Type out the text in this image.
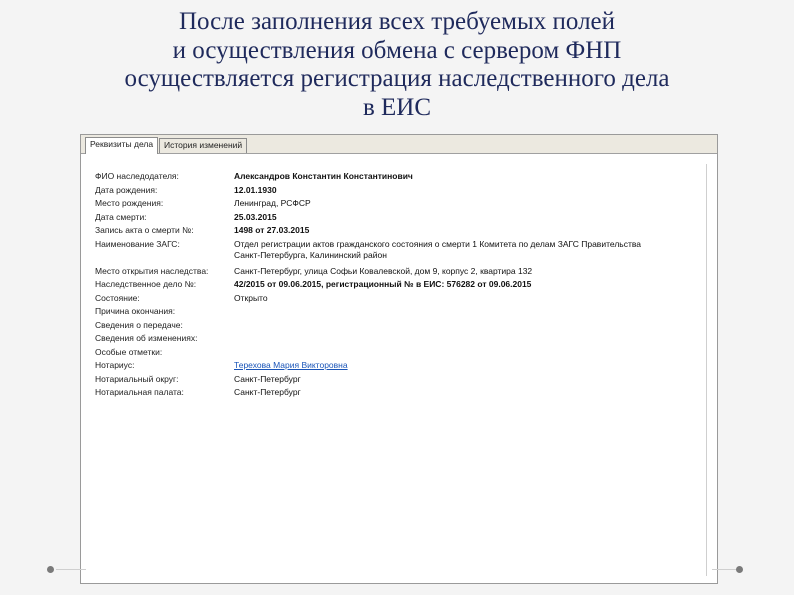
После заполнения всех требуемых полей
и осуществления обмена с сервером ФНП
осуществляется регистрация наследственного дела
в ЕИС
Реквизиты дела	История изменений
ФИО наследодателя:	Александров Константин Константинович
Дата рождения:	12.01.1930
Место рождения:	Ленинград, РСФСР
Дата смерти:	25.03.2015
Запись акта о смерти №:	1498 от 27.03.2015
Наименование ЗАГС:	Отдел регистрации актов гражданского состояния о смерти 1 Комитета по делам ЗАГС Правительства
Санкт-Петербурга, Калининский район
Место открытия наследства:	Санкт-Петербург, улица Софьи Ковалевской, дом 9, корпус 2, квартира 132
Наследственное дело №:	42/2015 от 09.06.2015, регистрационный № в ЕИС: 576282 от 09.06.2015
Состояние:	Открыто
Причина окончания:
Сведения о передаче:
Сведения об изменениях:
Особые отметки:
Нотариус:	Терехова Мария Викторовна
Нотариальный округ:	Санкт-Петербург
Нотариальная палата:	Санкт-Петербург
